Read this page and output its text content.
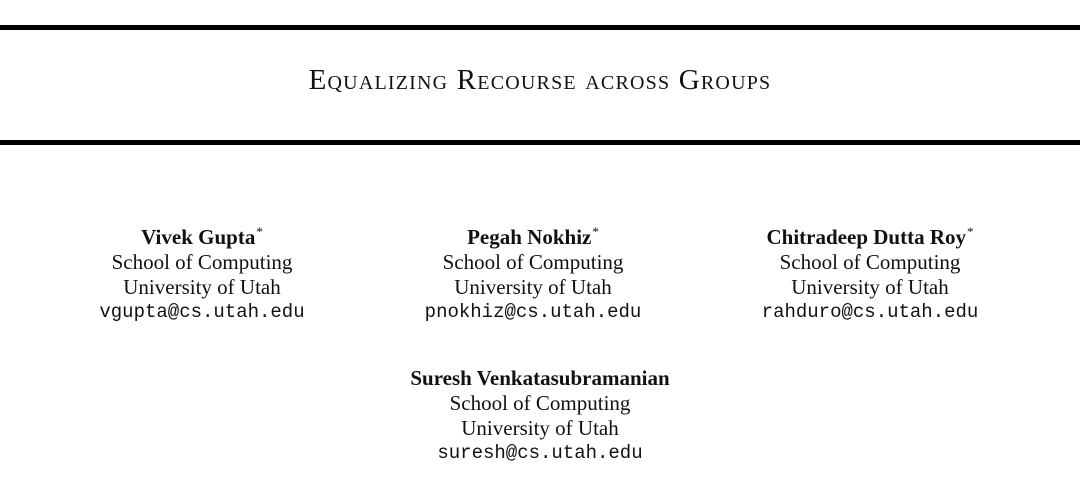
Equalizing Recourse across Groups
Vivek Gupta*
School of Computing
University of Utah
vgupta@cs.utah.edu
Pegah Nokhiz*
School of Computing
University of Utah
pnokhiz@cs.utah.edu
Chitradeep Dutta Roy*
School of Computing
University of Utah
rahduro@cs.utah.edu
Suresh Venkatasubramanian
School of Computing
University of Utah
suresh@cs.utah.edu
